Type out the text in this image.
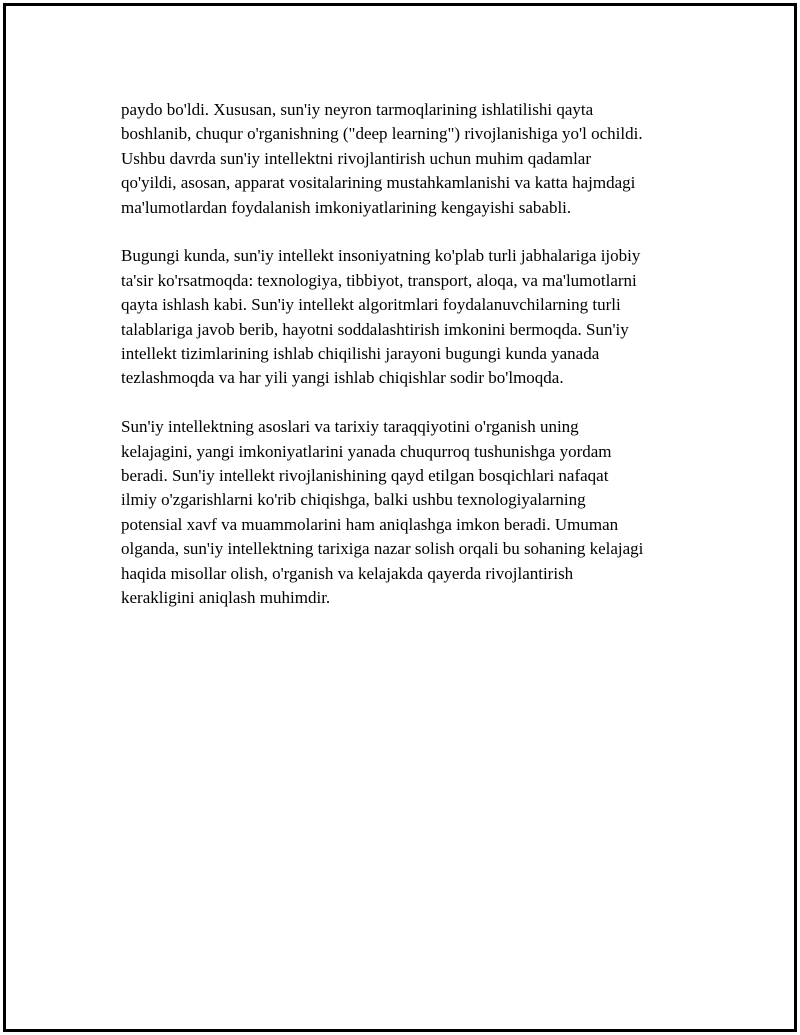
paydo bo'ldi. Xususan, sun'iy neyron tarmoqlarining ishlatilishi qayta
boshlanib, chuqur o'rganishning ("deep learning") rivojlanishiga yo'l ochildi.
Ushbu davrda sun'iy intellektni rivojlantirish uchun muhim qadamlar
qo'yildi, asosan, apparat vositalarining mustahkamlanishi va katta hajmdagi
ma'lumotlardan foydalanish imkoniyatlarining kengayishi sababli.

Bugungi kunda, sun'iy intellekt insoniyatning ko'plab turli jabhalariga ijobiy
ta'sir ko'rsatmoqda: texnologiya, tibbiyot, transport, aloqa, va ma'lumotlarni
qayta ishlash kabi. Sun'iy intellekt algoritmlari foydalanuvchilarning turli
talablariga javob berib, hayotni soddalashtirish imkonini bermoqda. Sun'iy
intellekt tizimlarining ishlab chiqilishi jarayoni bugungi kunda yanada
tezlashmoqda va har yili yangi ishlab chiqishlar sodir bo'lmoqda.

Sun'iy intellektning asoslari va tarixiy taraqqiyotini o'rganish uning
kelajagini, yangi imkoniyatlarini yanada chuqurroq tushunishga yordam
beradi. Sun'iy intellekt rivojlanishining qayd etilgan bosqichlari nafaqat
ilmiy o'zgarishlarni ko'rib chiqishga, balki ushbu texnologiyalarning
potensial xavf va muammolarini ham aniqlashga imkon beradi. Umuman
olganda, sun'iy intellektning tarixiga nazar solish orqali bu sohaning kelajagi
haqida misollar olish, o'rganish va kelajakda qayerda rivojlantirish
kerakligini aniqlash muhimdir.
